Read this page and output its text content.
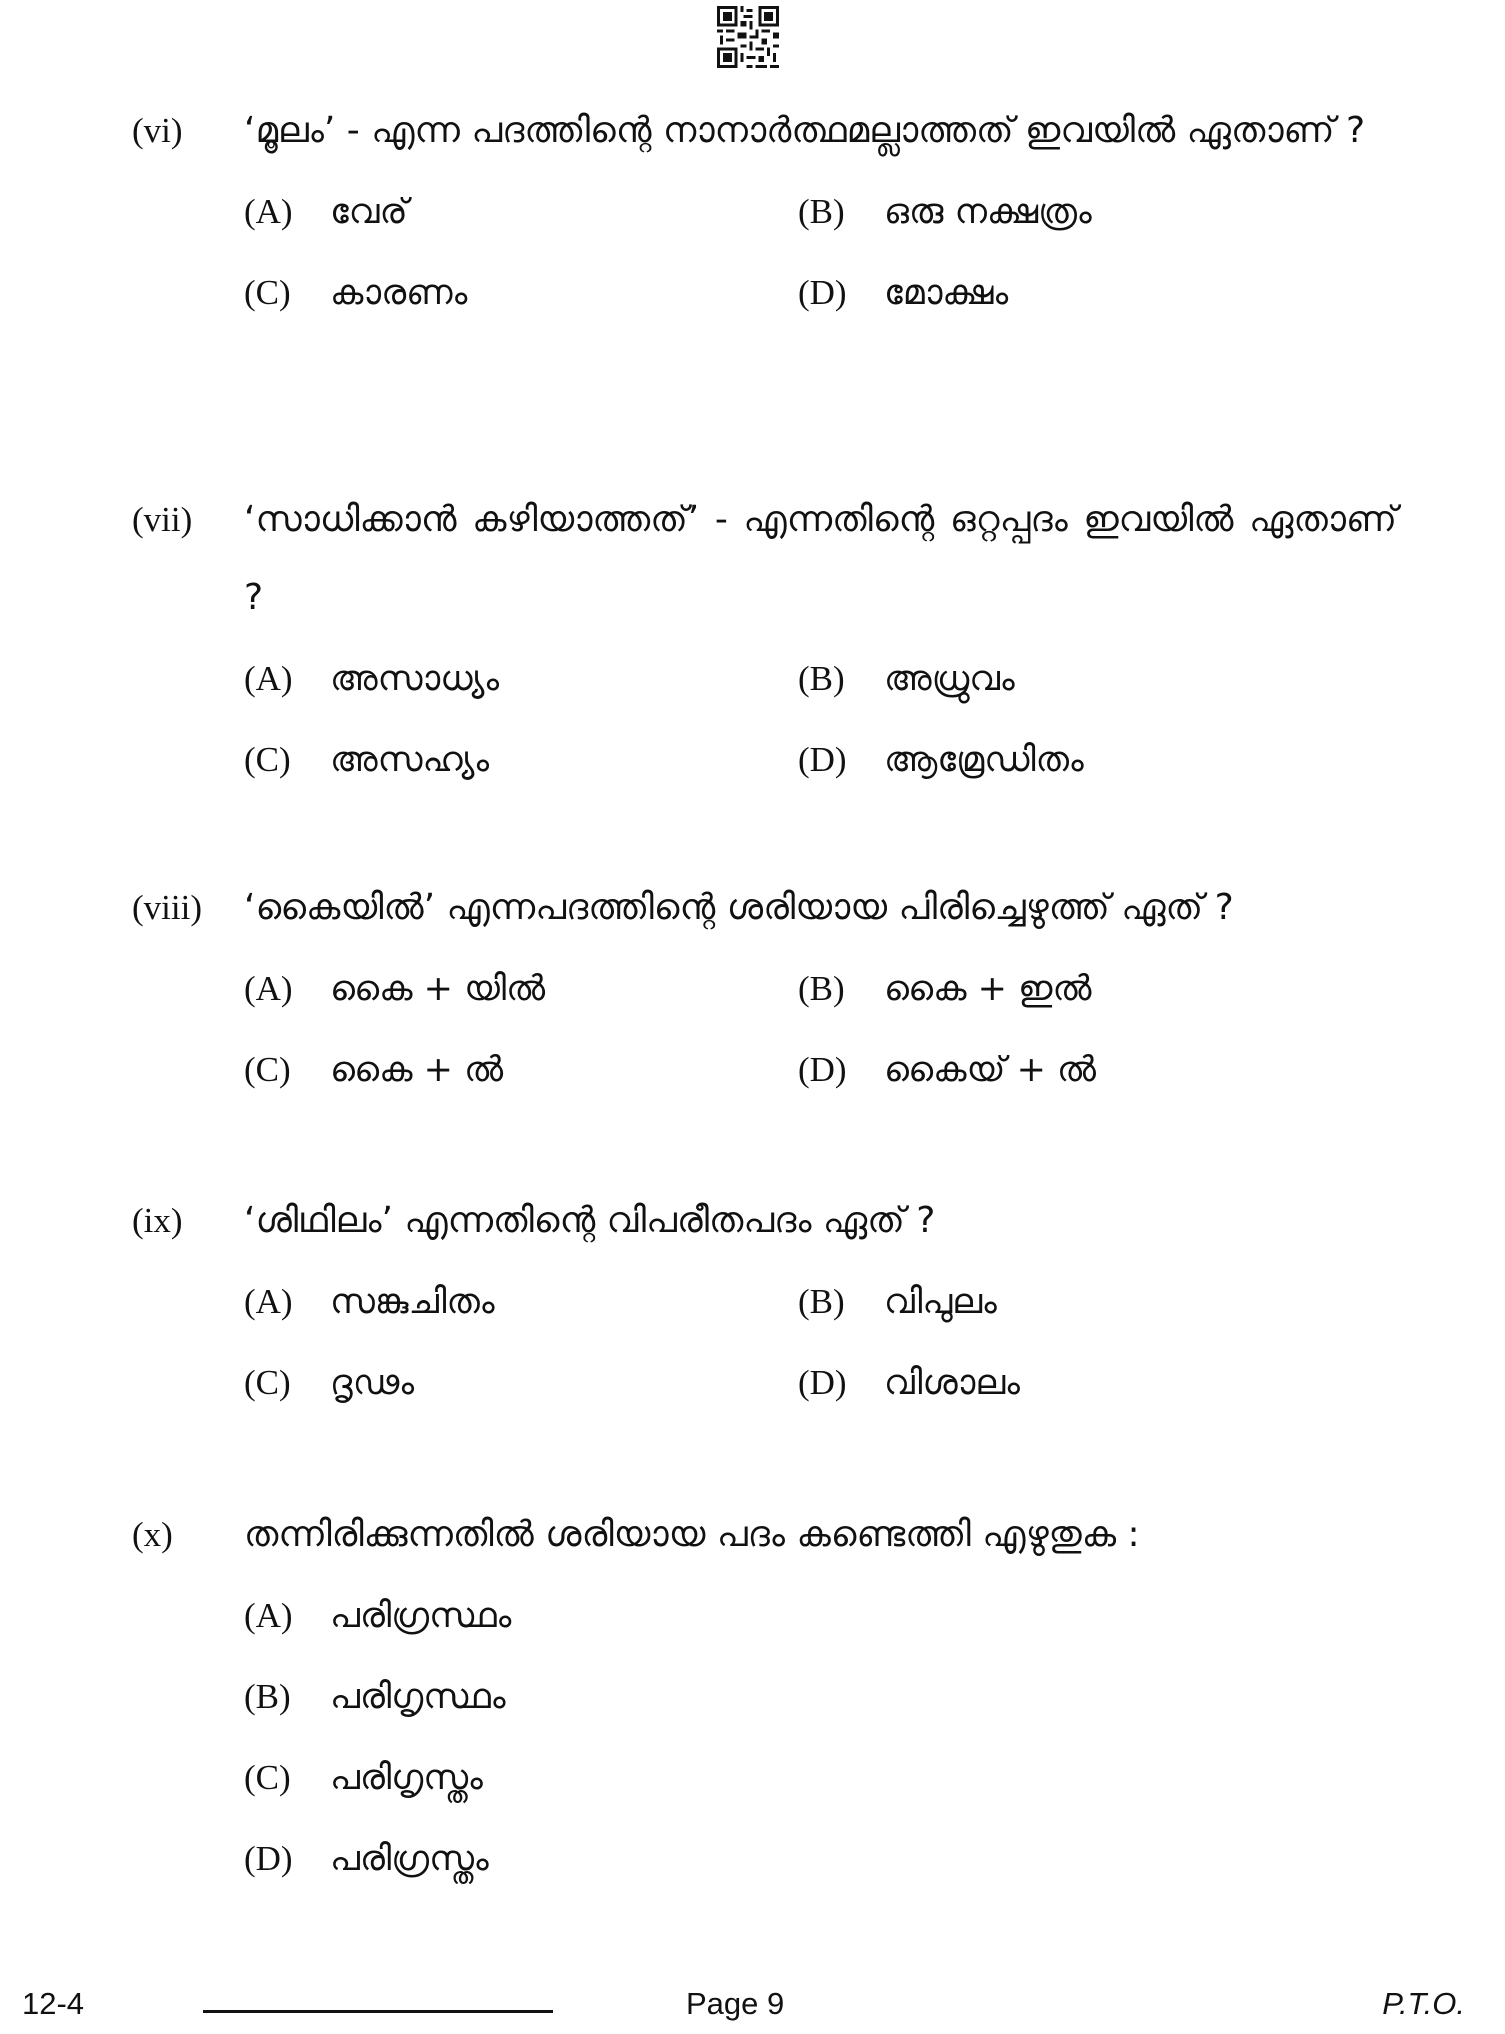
(vi)	‘മൂലം’ - എന്ന പദത്തിന്റെ നാനാർത്ഥമല്ലാത്തത് ഇവയിൽ ഏതാണ് ?
(A)	വേര്	(B)	ഒരു നക്ഷത്രം
(C)	കാരണം	(D)	മോക്ഷം
(vii)	‘സാധിക്കാൻ കഴിയാത്തത്’ - എന്നതിന്റെ ഒറ്റപ്പദം ഇവയിൽ ഏതാണ് ?
(A)	അസാധ്യം	(B)	അധ്രുവം
(C)	അസഹ്യം	(D)	ആമ്രേഡിതം
(viii)	‘കൈയിൽ’ എന്നപദത്തിന്റെ ശരിയായ പിരിച്ചെഴുത്ത് ഏത് ?
(A)	കൈ + യിൽ	(B)	കൈ + ഇൽ
(C)	കൈ + ൽ	(D)	കൈയ് + ൽ
(ix)	‘ശിഥിലം’ എന്നതിന്റെ വിപരീതപദം ഏത് ?
(A)	സങ്കുചിതം	(B)	വിപുലം
(C)	ദൃഢം	(D)	വിശാലം
(x)	തന്നിരിക്കുന്നതിൽ ശരിയായ പദം കണ്ടെത്തി എഴുതുക :
(A)	പരിഗ്രസ്ഥം
(B)	പരിഗൃസ്ഥം
(C)	പരിഗൃസ്തം
(D)	പരിഗ്രസ്തം
12-4	Page 9	P.T.O.
